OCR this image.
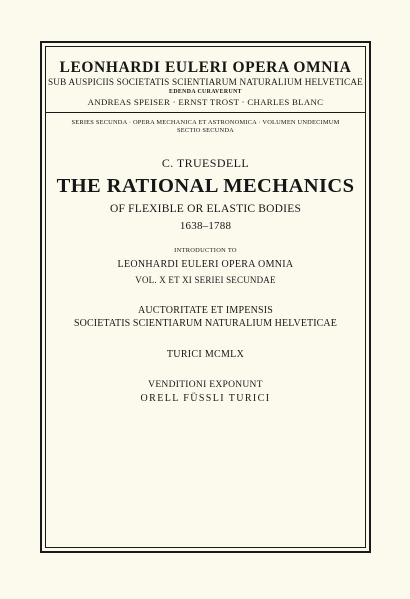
LEONHARDI EULERI OPERA OMNIA
SUB AUSPICIIS SOCIETATIS SCIENTIARUM NATURALIUM HELVETICAE
EDENDA CURAVERUNT
ANDREAS SPEISER · ERNST TROST · CHARLES BLANC
SERIES SECUNDA · OPERA MECHANICA ET ASTRONOMICA · VOLUMEN UNDECIMUM
SECTIO SECUNDA
C. TRUESDELL
THE RATIONAL MECHANICS
OF FLEXIBLE OR ELASTIC BODIES
1638–1788
INTRODUCTION TO
LEONHARDI EULERI OPERA OMNIA
VOL. X ET XI SERIEI SECUNDAE
AUCTORITATE ET IMPENSIS
SOCIETATIS SCIENTIARUM NATURALIUM HELVETICAE
TURICI MCMLX
VENDITIONI EXPONUNT
ORELL FÜSSLI TURICI
